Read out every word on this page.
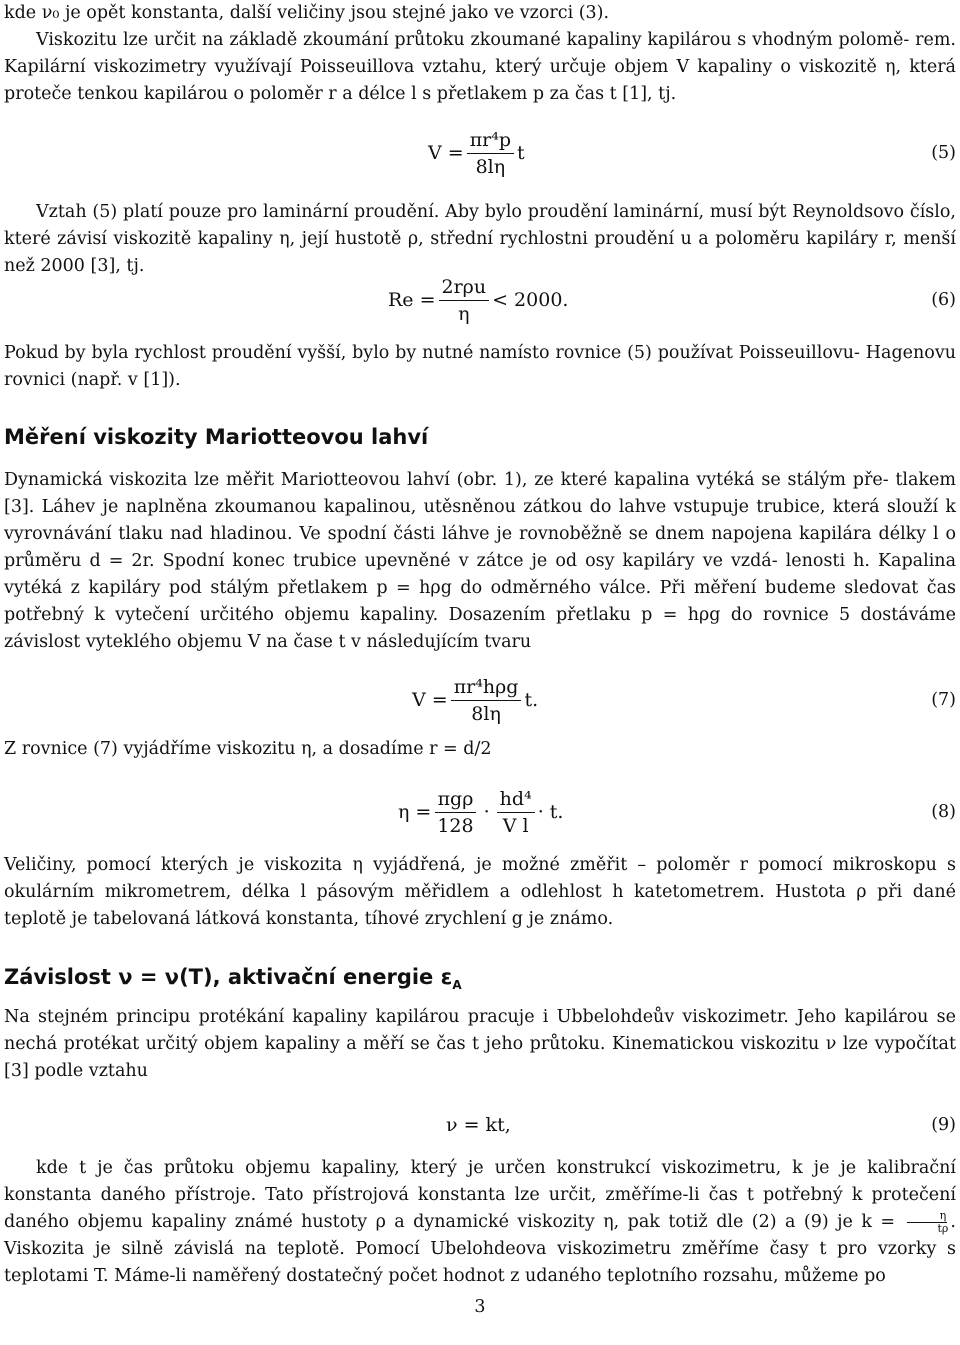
kde ν₀ je opět konstanta, další veličiny jsou stejné jako ve vzorci (3).
Viskozitu lze určit na základě zkoumání průtoku zkoumané kapaliny kapilárou s vhodným polomě- rem. Kapilární viskozimetry využívají Poisseuillova vztahu, který určuje objem V kapaliny o viskozitě η, která proteče tenkou kapilárou o poloměr r a délce l s přetlakem p za čas t [1], tj.
$V = \frac{\text{πr⁴p}}{8l\eta}$ t	(5)
Vztah (5) platí pouze pro laminární proudění. Aby bylo proudění laminární, musí být Reynoldsovo číslo, které závisí viskozitě kapaliny η, její hustotě ρ, střední rychlostni proudění u a poloměru kapiláry r, menší než 2000 [3], tj.
$Re = \frac{\text{2rρu}}{\eta} < 2000$.	(6)
Pokud by byla rychlost proudění vyšší, bylo by nutné namísto rovnice (5) používat Poisseuillovu- Hagenovu rovnici (např. v [1]).
Měření viskozity Mariotteovou lahví
Dynamická viskozita lze měřit Mariotteovou lahví (obr. 1), ze které kapalina vytéká se stálým pře- tlakem [3]. Láhev je naplněna zkoumanou kapalinou, utěsněnou zátkou do lahve vstupuje trubice, která slouží k vyrovnávání tlaku nad hladinou. Ve spodní části láhve je rovnoběžně se dnem napojena kapilára délky l o průměru d = 2r. Spodní konec trubice upevněné v zátce je od osy kapiláry ve vzdá- lenosti h. Kapalina vytéká z kapiláry pod stálým přetlakem p = hρg do odměrného válce. Při měření budeme sledovat čas potřebný k vytečení určitého objemu kapaliny. Dosazením přetlaku p = hρg do rovnice 5 dostáváme závislost vyteklého objemu V na čase t v následujícím tvaru
$V = \frac{\text{πr⁴hρg}}{8l\eta} t$.	(7)
Z rovnice (7) vyjádříme viskozitu η, a dosadíme r = d/2
$\eta = \frac{\text{πgρ}}{128} \cdot \frac{\text{hd⁴}}{\text{V l}} \cdot t$.	(8)
Veličiny, pomocí kterých je viskozita η vyjádřená, je možné změřit – poloměr r pomocí mikroskopu s okulárním mikrometrem, délka l pásovým měřidlem a odlehlost h katetometrem. Hustota ρ při dané teplotě je tabelovaná látková konstanta, tíhové zrychlení g je známo.
Závislost ν = ν(T), aktivační energie $\varepsilon_A$
Na stejném principu protékání kapaliny kapilárou pracuje i Ubbelohdeův viskozimetr. Jeho kapilárou se nechá protékat určitý objem kapaliny a měří se čas t jeho průtoku. Kinematickou viskozitu ν lze vypočítat [3] podle vztahu
ν = kt,	(9)
kde t je čas průtoku objemu kapaliny, který je určen konstrukcí viskozimetru, k je je kalibrační konstanta daného přístroje. Tato přístrojová konstanta lze určit, změříme-li čas t potřebný k protečení daného objemu kapaliny známé hustoty ρ a dynamické viskozity η, pak totiž dle (2) a (9) je $k = \frac{\eta}{t\rho}$ . Viskozita je silně závislá na teplotě. Pomocí Ubelohdeova viskozimetru změříme časy t pro vzorky s teplotami T. Máme-li naměřený dostatečný počet hodnot z udaného teplotního rozsahu, můžeme po
3
